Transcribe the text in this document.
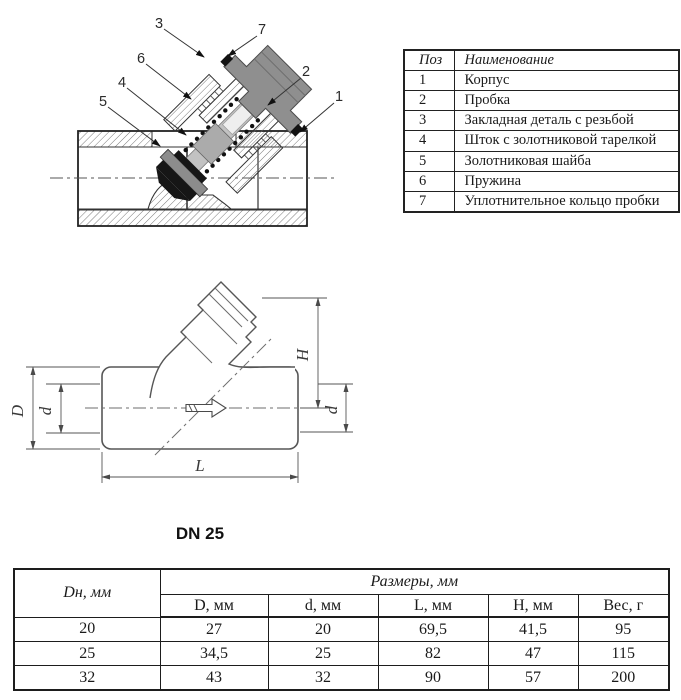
1
2
3
4
5
6
7
Поз	Наименование
1	Корпус
2	Пробка
3	Закладная деталь с резьбой
4	Шток с золотниковой тарелкой
5	Золотниковая шайба
6	Пружина
7	Уплотнительное кольцо пробки
D d
H
d
L
DN 25
Dн, мм	Размеры, мм				
	D, мм	d, мм	L, мм	H, мм	Вес, г
20	27	20	69,5	41,5	95
25	34,5	25	82	47	115
32	43	32	90	57	200
